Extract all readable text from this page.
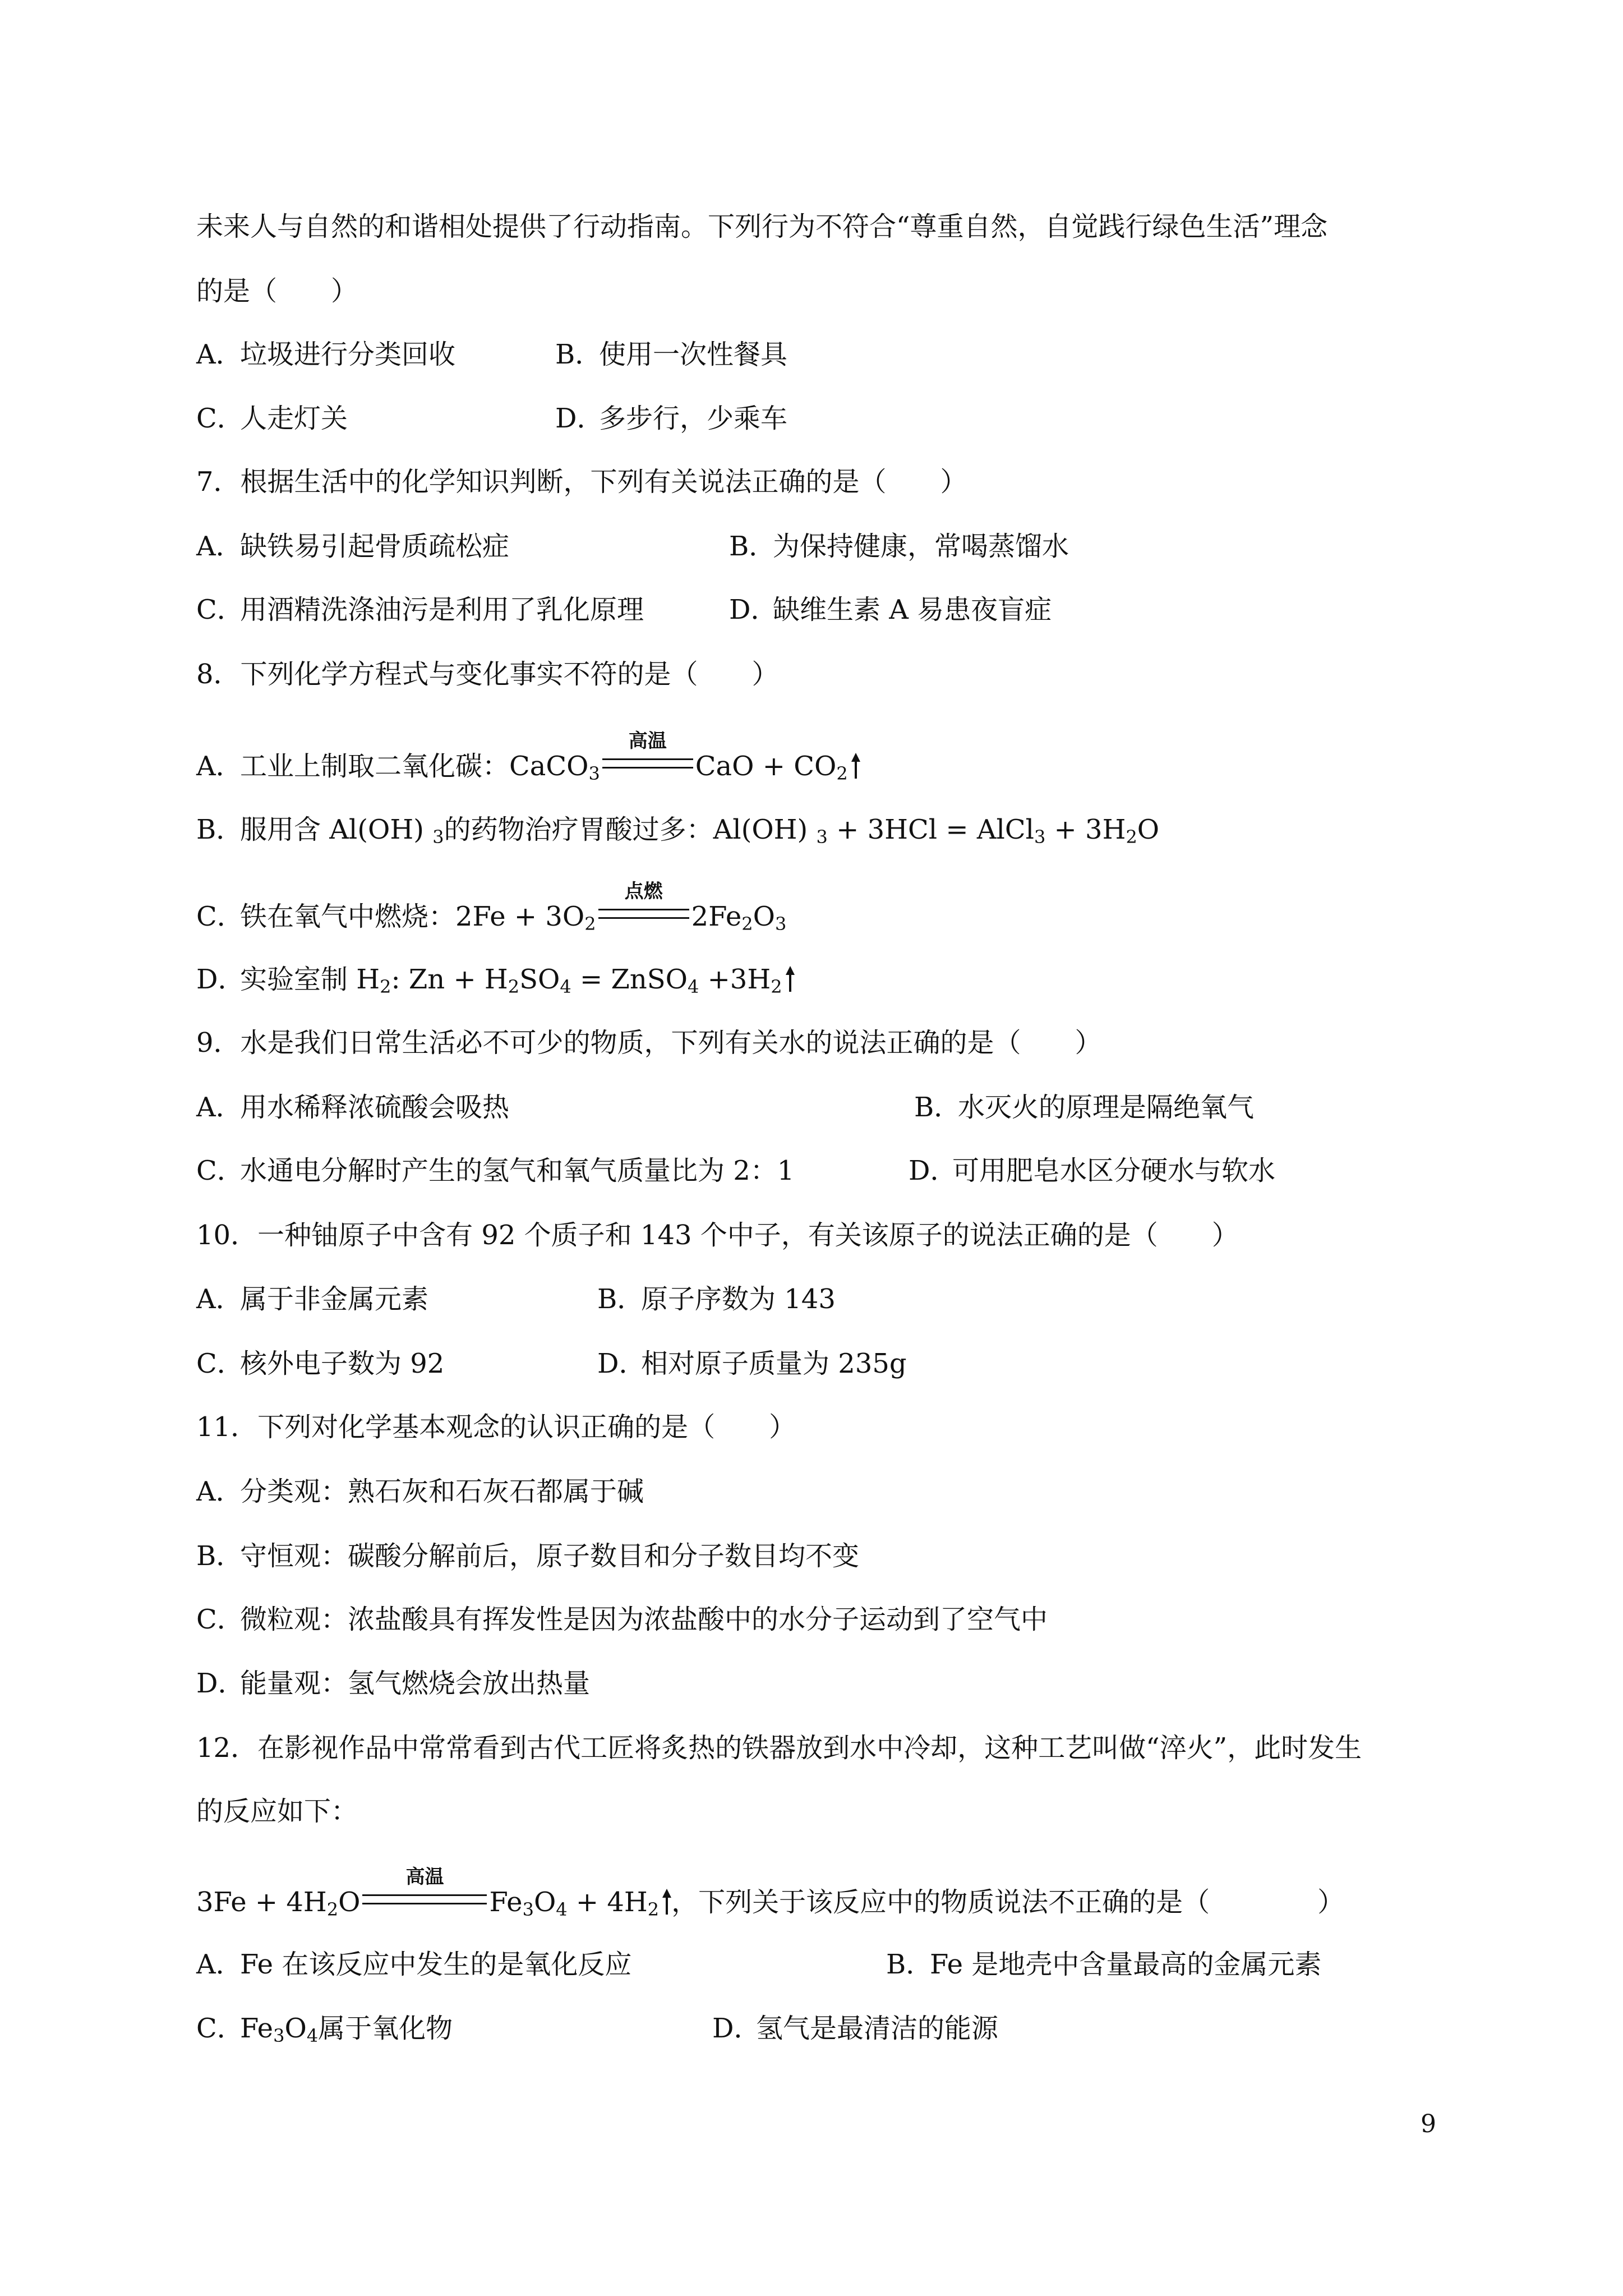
未来人与自然的和谐相处提供了行动指南。下列行为不符合“尊重自然，自觉践行绿色生活”理念
的是（　　）
A．垃圾进行分类回收	B．使用一次性餐具
C．人走灯关	D．多步行，少乘车
7．根据生活中的化学知识判断，下列有关说法正确的是（　　）
A．缺铁易引起骨质疏松症	B．为保持健康，常喝蒸馏水
C．用酒精洗涤油污是利用了乳化原理	D．缺维生素 A 易患夜盲症
8．下列化学方程式与变化事实不符的是（　　）
A．工业上制取二氧化碳：CaCO$_3$
高温
CaO + $CO_2$
B．服用含 Al(OH) $_3$的药物治疗胃酸过多：Al(OH) $_3$ + 3HCl = AlCl$_3$ + $3H_2O$
C．铁在氧气中燃烧：$2Fe + 3O_2$
点燃
$2Fe_2O_3$
D．实验室制 $H_2$: $Zn + H_2SO_4$ = ZnSO$_4$ $+3H_2$
9．水是我们日常生活必不可少的物质，下列有关水的说法正确的是（　　）
A．用水稀释浓硫酸会吸热	B．水灭火的原理是隔绝氧气
C．水通电分解时产生的氢气和氧气质量比为 2：1	D．可用肥皂水区分硬水与软水
10．一种铀原子中含有 92 个质子和 143 个中子，有关该原子的说法正确的是（　　）
A．属于非金属元素	B．原子序数为 143
C．核外电子数为 92	D．相对原子质量为 235g
11．下列对化学基本观念的认识正确的是（　　）
A．分类观：熟石灰和石灰石都属于碱
B．守恒观：碳酸分解前后，原子数目和分子数目均不变
C．微粒观：浓盐酸具有挥发性是因为浓盐酸中的水分子运动到了空气中
D．能量观：氢气燃烧会放出热量
12．在影视作品中常常看到古代工匠将炙热的铁器放到水中冷却，这种工艺叫做“淬火”，此时发生
的反应如下：
$3Fe + 4H_2O$
高温
$Fe_3O_4 + 4H_2$ ，下列关于该反应中的物质说法不正确的是（　　　　）
A．Fe 在该反应中发生的是氧化反应	B．Fe 是地壳中含量最高的金属元素
C．$Fe_3O_4$属于氧化物	D．氢气是最清洁的能源
9
